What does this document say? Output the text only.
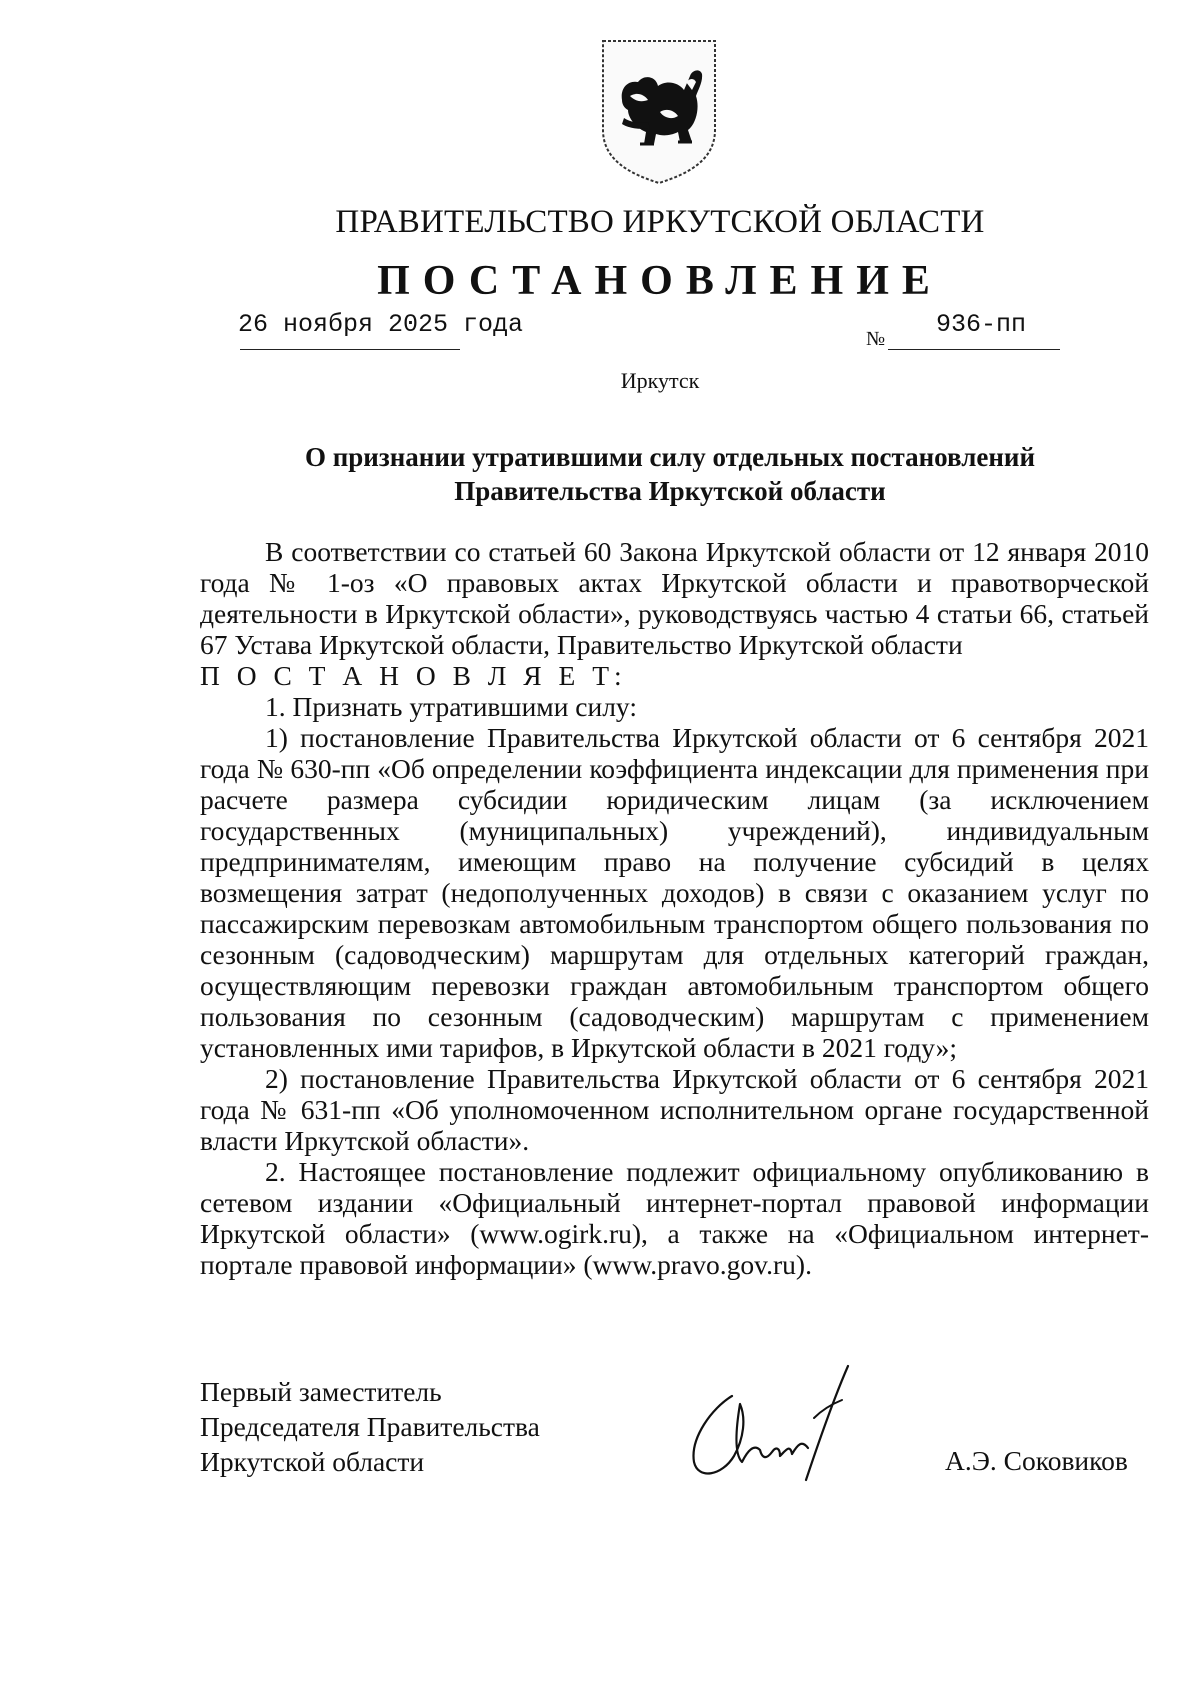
ПРАВИТЕЛЬСТВО ИРКУТСКОЙ ОБЛАСТИ
ПОСТАНОВЛЕНИЕ
26 ноября 2025 года	№ 936-пп
Иркутск
О признании утратившими силу отдельных постановлений
Правительства Иркутской области

В соответствии со статьей 60 Закона Иркутской области от 12 января 2010 года № 1-оз «О правовых актах Иркутской области и правотворческой деятельности в Иркутской области», руководствуясь частью 4 статьи 66, статьей 67 Устава Иркутской области, Правительство Иркутской области

П О С Т А Н О В Л Я Е Т:

1. Признать утратившими силу:

1) постановление Правительства Иркутской области от 6 сентября 2021 года № 630-пп «Об определении коэффициента индексации для применения при расчете размера субсидии юридическим лицам (за исключением государственных (муниципальных) учреждений), индивидуальным предпринимателям, имеющим право на получение субсидий в целях возмещения затрат (недополученных доходов) в связи с оказанием услуг по пассажирским перевозкам автомобильным транспортом общего пользования по сезонным (садоводческим) маршрутам для отдельных категорий граждан, осуществляющим перевозки граждан автомобильным транспортом общего пользования по сезонным (садоводческим) маршрутам с применением установленных ими тарифов, в Иркутской области в 2021 году»;

2) постановление Правительства Иркутской области от 6 сентября 2021 года № 631-пп «Об уполномоченном исполнительном органе государственной власти Иркутской области».

2. Настоящее постановление подлежит официальному опубликованию в сетевом издании «Официальный интернет-портал правовой информации Иркутской области» (www.ogirk.ru), а также на «Официальном интернет-портале правовой информации» (www.pravo.gov.ru).

Первый заместитель
Председателя Правительства
Иркутской области	А.Э. Соковиков
